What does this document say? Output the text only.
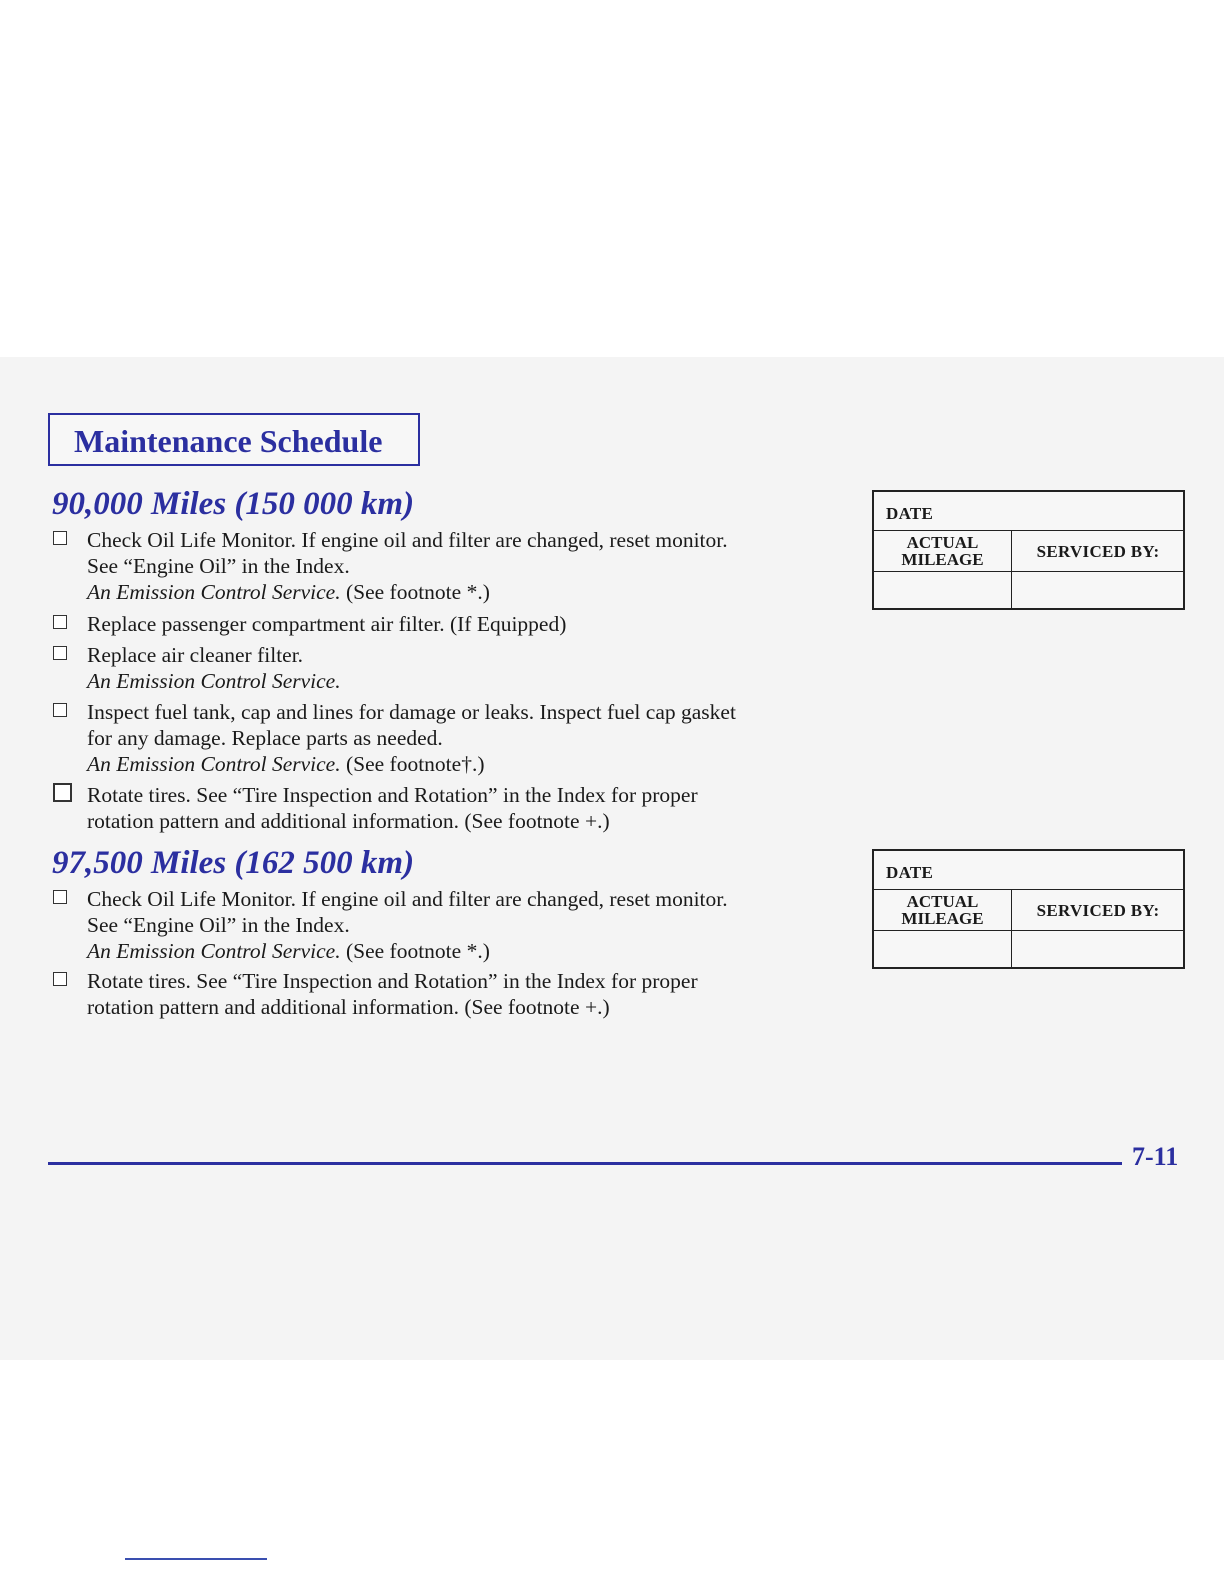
Maintenance Schedule
90,000 Miles (150 000 km)
Check Oil Life Monitor. If engine oil and filter are changed, reset monitor.
See “Engine Oil” in the Index.
An Emission Control Service. (See footnote *.)
Replace passenger compartment air filter. (If Equipped)
Replace air cleaner filter.
An Emission Control Service.
Inspect fuel tank, cap and lines for damage or leaks. Inspect fuel cap gasket
for any damage. Replace parts as needed.
An Emission Control Service. (See footnote†.)
Rotate tires. See “Tire Inspection and Rotation” in the Index for proper
rotation pattern and additional information. (See footnote +.)
DATE
ACTUAL
MILEAGE	SERVICED BY:
97,500 Miles (162 500 km)
Check Oil Life Monitor. If engine oil and filter are changed, reset monitor.
See “Engine Oil” in the Index.
An Emission Control Service. (See footnote *.)
Rotate tires. See “Tire Inspection and Rotation” in the Index for proper
rotation pattern and additional information. (See footnote +.)
DATE
ACTUAL
MILEAGE	SERVICED BY:
7-11
